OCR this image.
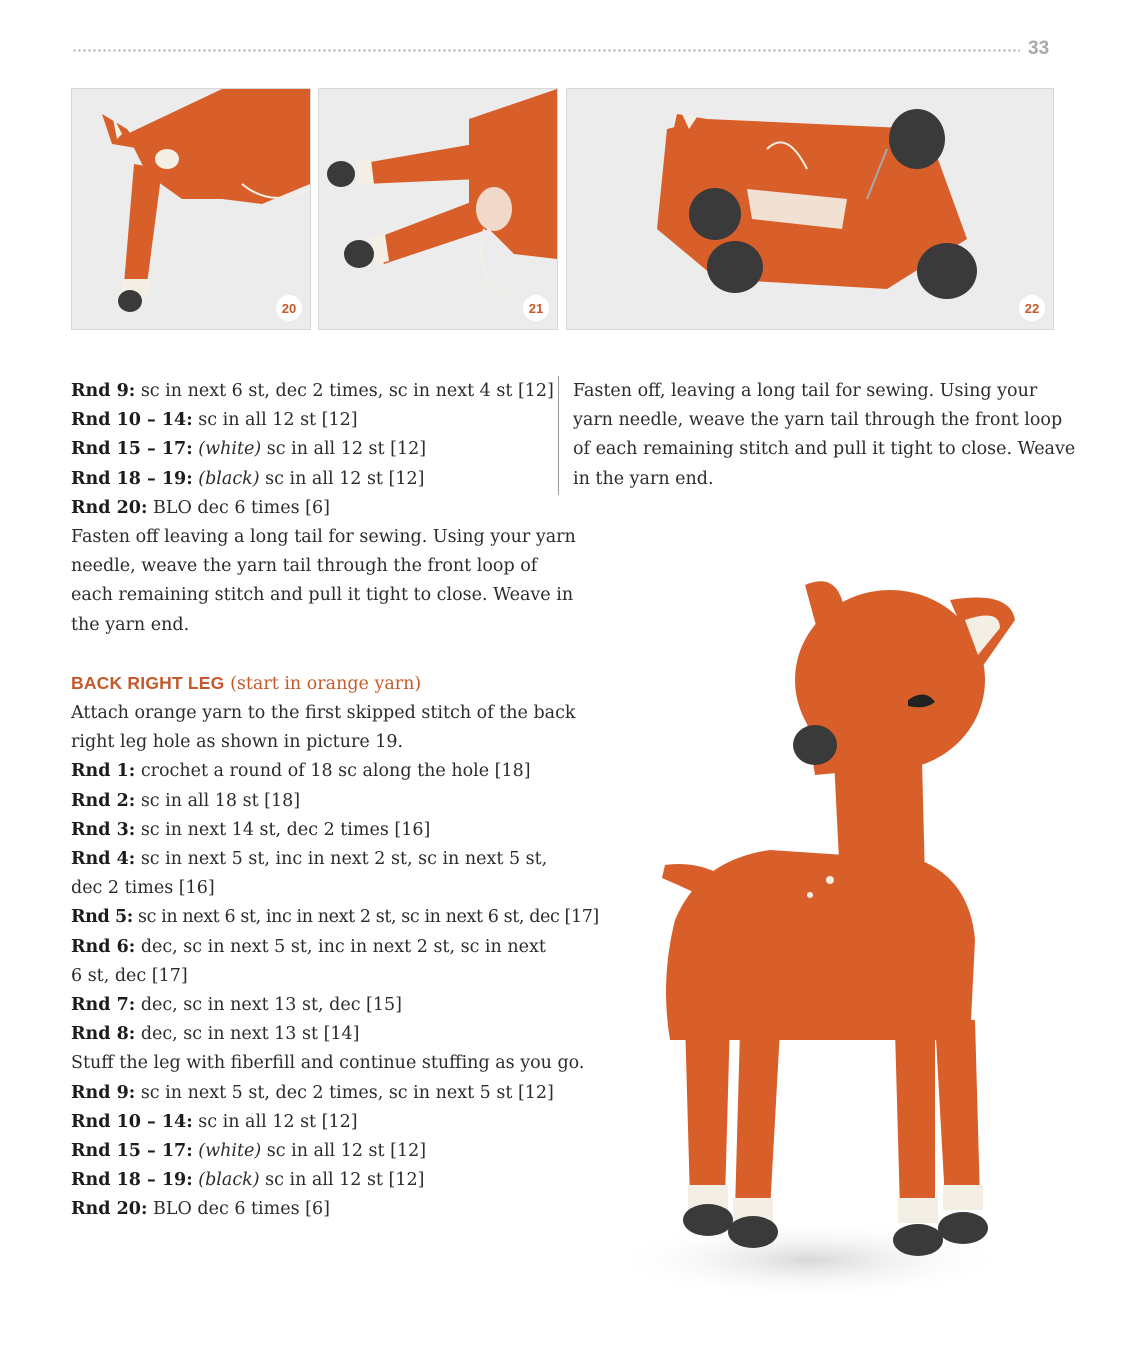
33
20	21	22
Rnd 9: sc in next 6 st, dec 2 times, sc in next 4 st [12]
Rnd 10 – 14: sc in all 12 st [12]
Rnd 15 – 17: (white) sc in all 12 st [12]
Rnd 18 – 19: (black) sc in all 12 st [12]
Rnd 20: BLO dec 6 times [6]
Fasten off leaving a long tail for sewing. Using your yarn
needle, weave the yarn tail through the front loop of
each remaining stitch and pull it tight to close. Weave in
the yarn end.
BACK RIGHT LEG (start in orange yarn)
Attach orange yarn to the first skipped stitch of the back
right leg hole as shown in picture 19.
Rnd 1: crochet a round of 18 sc along the hole [18]
Rnd 2: sc in all 18 st [18]
Rnd 3: sc in next 14 st, dec 2 times [16]
Rnd 4: sc in next 5 st, inc in next 2 st, sc in next 5 st,
dec 2 times [16]
Rnd 5: sc in next 6 st, inc in next 2 st, sc in next 6 st, dec [17]
Rnd 6: dec, sc in next 5 st, inc in next 2 st, sc in next
6 st, dec [17]
Rnd 7: dec, sc in next 13 st, dec [15]
Rnd 8: dec, sc in next 13 st [14]
Stuff the leg with fiberfill and continue stuffing as you go.
Rnd 9: sc in next 5 st, dec 2 times, sc in next 5 st [12]
Rnd 10 – 14: sc in all 12 st [12]
Rnd 15 – 17: (white) sc in all 12 st [12]
Rnd 18 – 19: (black) sc in all 12 st [12]
Rnd 20: BLO dec 6 times [6]
Fasten off, leaving a long tail for sewing. Using your
yarn needle, weave the yarn tail through the front loop
of each remaining stitch and pull it tight to close. Weave
in the yarn end.
